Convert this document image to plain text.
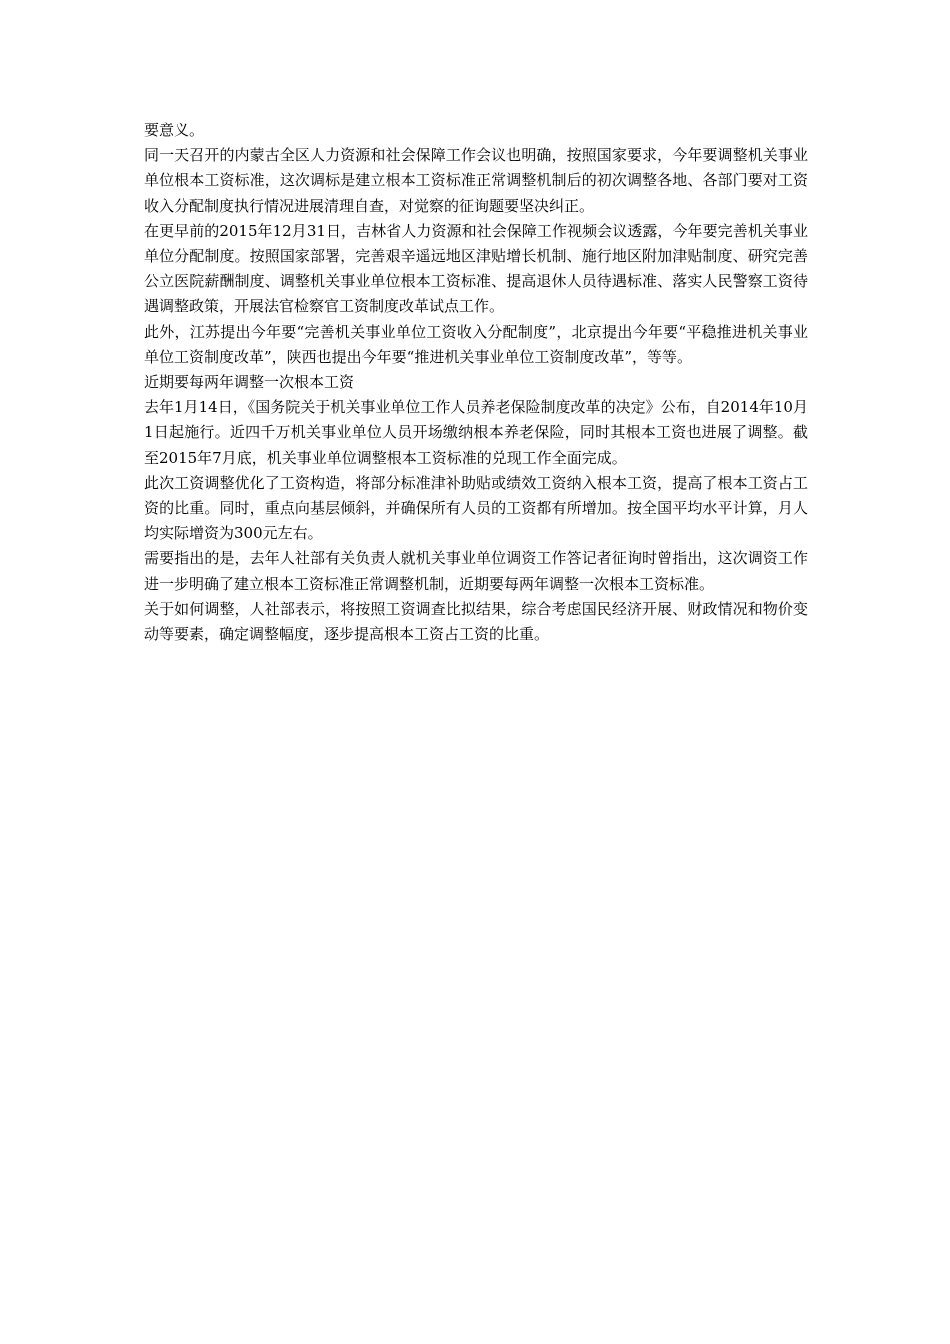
要意义。

同一天召开的内蒙古全区人力资源和社会保障工作会议也明确，按照国家要求，今年要调整机关事业单位根本工资标准，这次调标是建立根本工资标准正常调整机制后的初次调整各地、各部门要对工资收入分配制度执行情况进展清理自查，对觉察的征询题要坚决纠正。

在更早前的2015年12月31日，吉林省人力资源和社会保障工作视频会议透露，今年要完善机关事业单位分配制度。按照国家部署，完善艰辛遥远地区津贴增长机制、施行地区附加津贴制度、研究完善公立医院薪酬制度、调整机关事业单位根本工资标准、提高退休人员待遇标准、落实人民警察工资待遇调整政策，开展法官检察官工资制度改革试点工作。

此外，江苏提出今年要“完善机关事业单位工资收入分配制度”，北京提出今年要“平稳推进机关事业单位工资制度改革”，陕西也提出今年要“推进机关事业单位工资制度改革”，等等。

近期要每两年调整一次根本工资

去年1月14日，《国务院关于机关事业单位工作人员养老保险制度改革的决定》公布，自2014年10月1日起施行。近四千万机关事业单位人员开场缴纳根本养老保险，同时其根本工资也进展了调整。截至2015年7月底，机关事业单位调整根本工资标准的兑现工作全面完成。

此次工资调整优化了工资构造，将部分标准津补助贴或绩效工资纳入根本工资，提高了根本工资占工资的比重。同时，重点向基层倾斜，并确保所有人员的工资都有所增加。按全国平均水平计算，月人均实际增资为300元左右。

需要指出的是，去年人社部有关负责人就机关事业单位调资工作答记者征询时曾指出，这次调资工作进一步明确了建立根本工资标准正常调整机制，近期要每两年调整一次根本工资标准。

关于如何调整，人社部表示，将按照工资调查比拟结果，综合考虑国民经济开展、财政情况和物价变动等要素，确定调整幅度，逐步提高根本工资占工资的比重。
